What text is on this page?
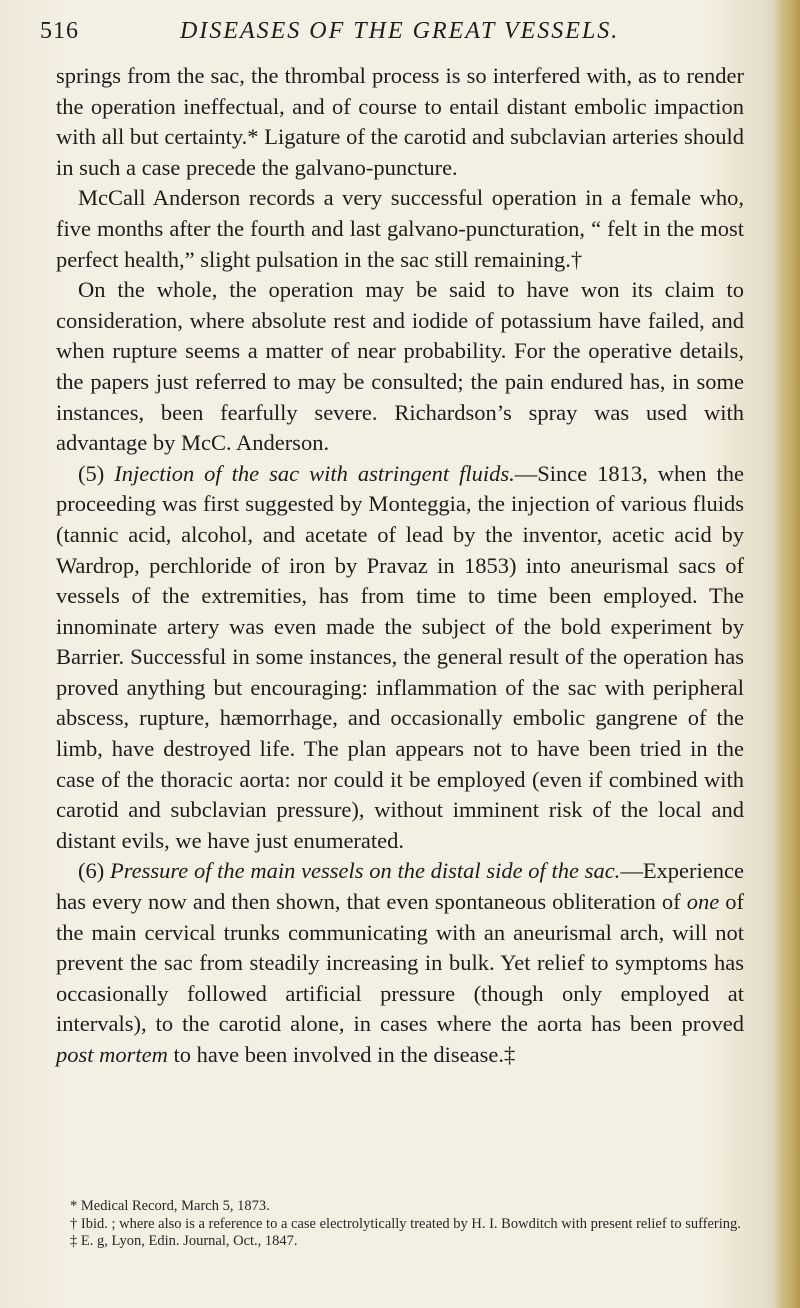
516	DISEASES OF THE GREAT VESSELS.

springs from the sac, the thrombal process is so interfered with, as to render the operation ineffectual, and of course to entail distant embolic impaction with all but certainty.* Ligature of the carotid and subclavian arteries should in such a case precede the galvano-puncture.

McCall Anderson records a very successful operation in a female who, five months after the fourth and last galvano-puncturation, “ felt in the most perfect health,” slight pulsation in the sac still remaining.†

On the whole, the operation may be said to have won its claim to consideration, where absolute rest and iodide of potassium have failed, and when rupture seems a matter of near probability. For the operative details, the papers just referred to may be consulted; the pain endured has, in some instances, been fearfully severe. Richardson’s spray was used with advantage by McC. Anderson.

(5) Injection of the sac with astringent fluids.—Since 1813, when the proceeding was first suggested by Monteggia, the injection of various fluids (tannic acid, alcohol, and acetate of lead by the inventor, acetic acid by Wardrop, perchloride of iron by Pravaz in 1853) into aneurismal sacs of vessels of the extremities, has from time to time been employed. The innominate artery was even made the subject of the bold experiment by Barrier. Successful in some instances, the general result of the operation has proved anything but encouraging: inflammation of the sac with peripheral abscess, rupture, hæmorrhage, and occasionally embolic gangrene of the limb, have destroyed life. The plan appears not to have been tried in the case of the thoracic aorta: nor could it be employed (even if combined with carotid and subclavian pressure), without imminent risk of the local and distant evils, we have just enumerated.

(6) Pressure of the main vessels on the distal side of the sac.—Experience has every now and then shown, that even spontaneous obliteration of one of the main cervical trunks communicating with an aneurismal arch, will not prevent the sac from steadily increasing in bulk. Yet relief to symptoms has occasionally followed artificial pressure (though only employed at intervals), to the carotid alone, in cases where the aorta has been proved post mortem to have been involved in the disease.‡

* Medical Record, March 5, 1873.

† Ibid. ; where also is a reference to a case electrolytically treated by H. I. Bowditch with present relief to suffering.

‡ E. g, Lyon, Edin. Journal, Oct., 1847.
